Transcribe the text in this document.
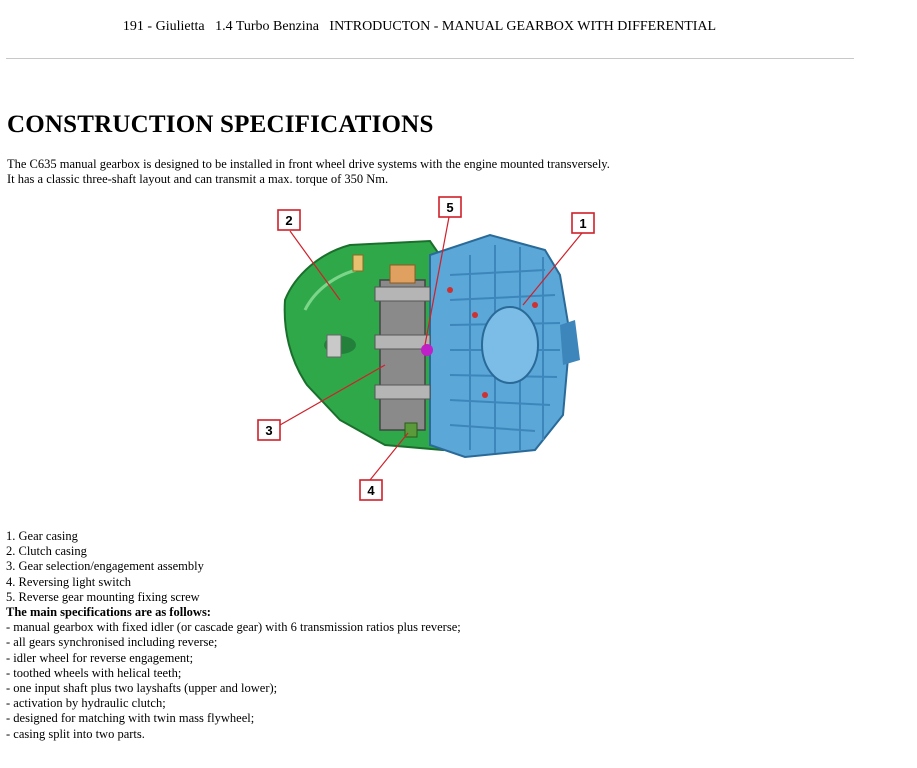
191 - Giulietta   1.4 Turbo Benzina   INTRODUCTON - MANUAL GEARBOX WITH DIFFERENTIAL
CONSTRUCTION SPECIFICATIONS
The C635 manual gearbox is designed to be installed in front wheel drive systems with the engine mounted transversely.
It has a classic three-shaft layout and can transmit a max. torque of 350 Nm.
1
2
3
4
5
1. Gear casing
2. Clutch casing
3. Gear selection/engagement assembly
4. Reversing light switch
5. Reverse gear mounting fixing screw
The main specifications are as follows:
- manual gearbox with fixed idler (or cascade gear) with 6 transmission ratios plus reverse;
- all gears synchronised including reverse;
- idler wheel for reverse engagement;
- toothed wheels with helical teeth;
- one input shaft plus two layshafts (upper and lower);
- activation by hydraulic clutch;
- designed for matching with twin mass flywheel;
- casing split into two parts.
